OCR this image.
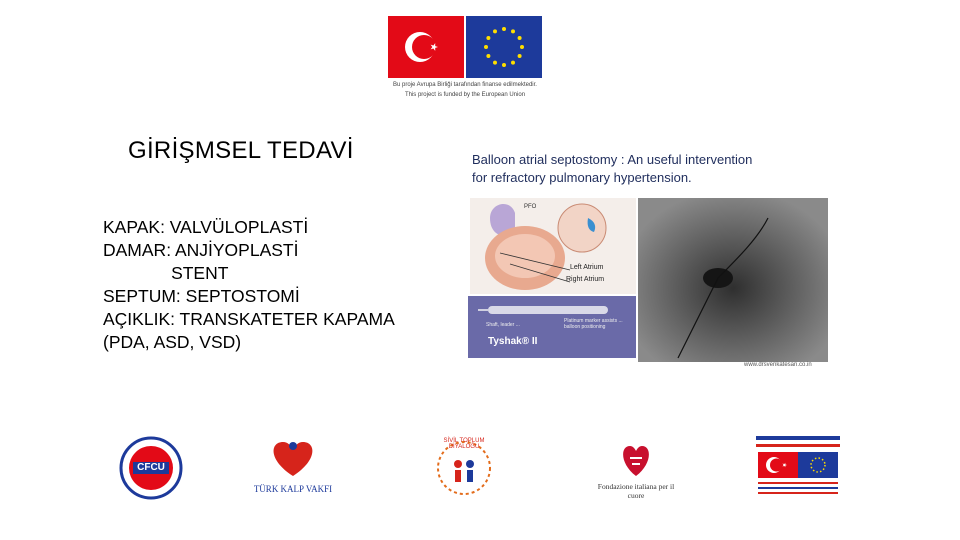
Bu proje Avrupa Birliği tarafından finanse edilmektedir.
This project is funded by the European Union
GİRİŞMSEL TEDAVİ
KAPAK: VALVÜLOPLASTİ
DAMAR: ANJİYOPLASTİ
STENT
SEPTUM: SEPTOSTOMİ
AÇIKLIK: TRANSKATETER KAPAMA
(PDA, ASD, VSD)
Balloon atrial septostomy : An useful intervention
for refractory pulmonary hypertension.
PFO
Left Atrium
Right Atrium
Platinum marker assists ... balloon positioning
Shaft, leader ...
Tyshak® II
www.drsvenkatesan.co.in
CFCU
TÜRK KALP VAKFI
SİVİL TOPLUM DİYALOĞU
Fondazione italiana per il cuore
